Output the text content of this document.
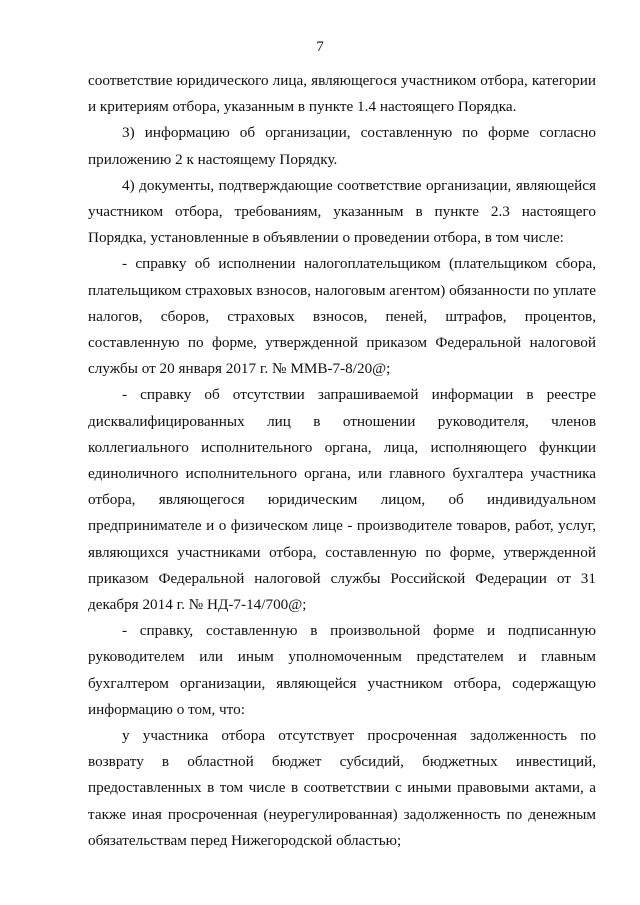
7

соответствие юридического лица, являющегося участником отбора, категории и критериям отбора, указанным в пункте 1.4 настоящего Порядка.

3) информацию об организации, составленную по форме согласно приложению 2 к настоящему Порядку.

4) документы, подтверждающие соответствие организации, являющейся участником отбора, требованиям, указанным в пункте 2.3 настоящего Порядка, установленные в объявлении о проведении отбора, в том числе:

- справку об исполнении налогоплательщиком (плательщиком сбора, плательщиком страховых взносов, налоговым агентом) обязанности по уплате налогов, сборов, страховых взносов, пеней, штрафов, процентов, составленную по форме, утвержденной приказом Федеральной налоговой службы от 20 января 2017 г. № ММВ-7-8/20@;

- справку об отсутствии запрашиваемой информации в реестре дисквалифицированных лиц в отношении руководителя, членов коллегиального исполнительного органа, лица, исполняющего функции единоличного исполнительного органа, или главного бухгалтера участника отбора, являющегося юридическим лицом, об индивидуальном предпринимателе и о физическом лице - производителе товаров, работ, услуг, являющихся участниками отбора, составленную по форме, утвержденной приказом Федеральной налоговой службы Российской Федерации от 31 декабря 2014 г. № НД-7-14/700@;

- справку, составленную в произвольной форме и подписанную руководителем или иным уполномоченным предстателем и главным бухгалтером организации, являющейся участником отбора, содержащую информацию о том, что:

у участника отбора отсутствует просроченная задолженность по возврату в областной бюджет субсидий, бюджетных инвестиций, предоставленных в том числе в соответствии с иными правовыми актами, а также иная просроченная (неурегулированная) задолженность по денежным обязательствам перед Нижегородской областью;
